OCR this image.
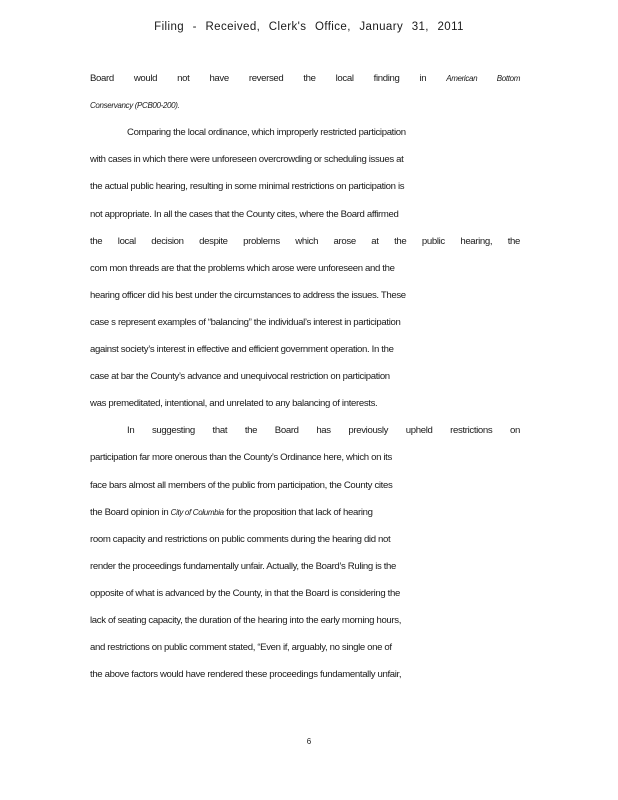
Filing - Received, Clerk's Office, January 31, 2011
Board would not have reversed the local finding in American Bottom
Conservancy (PCB00-200).
Comparing the local ordinance, which improperly restricted participation
with cases in which there were unforeseen overcrowding or scheduling issues at
the actual public hearing, resulting in some minimal restrictions on participation is
not appropriate. In all the cases that the County cites, where the Board affirmed
the local decision despite problems which arose at the public hearing, the
com mon threads are that the problems which arose were unforeseen and the
hearing officer did his best under the circumstances to address the issues. These
case s represent examples of “balancing” the individual’s interest in participation
against society’s interest in effective and efficient government operation. In the
case at bar the County’s advance and unequivocal restriction on participation
was premeditated, intentional, and unrelated to any balancing of interests.
In suggesting that the Board has previously upheld restrictions on
participation far more onerous than the County’s Ordinance here, which on its
face bars almost all members of the public from participation, the County cites
the Board opinion in City of Columbia for the proposition that lack of hearing
room capacity and restrictions on public comments during the hearing did not
render the proceedings fundamentally unfair. Actually, the Board’s Ruling is the
opposite of what is advanced by the County, in that the Board is considering the
lack of seating capacity, the duration of the hearing into the early morning hours,
and restrictions on public comment stated, “Even if, arguably, no single one of
the above factors would have rendered these proceedings fundamentally unfair,
6
